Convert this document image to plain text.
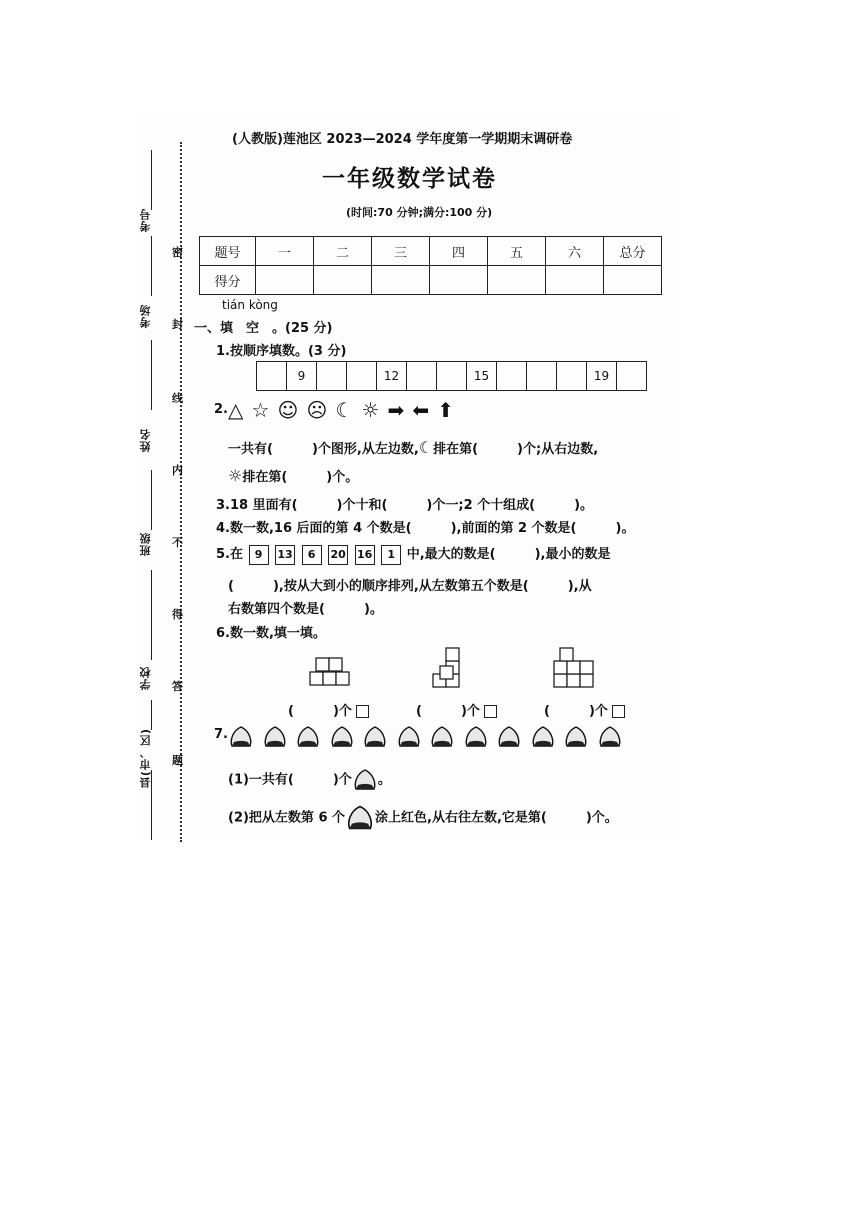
考号
考场
姓名
班级
学校
县(市、区)
密
封
线
内
不
得
答
题
(人教版)莲池区 2023—2024 学年度第一学期期末调研卷
一年级数学试卷
(时间:70 分钟;满分:100 分)
题号	一	二	三	四	五	六	总分
得分							
tián kòng
一、填　空　。(25 分)
1.按顺序填数。(3 分)
	9			12			15				19	
2. △ ☆ ☺ ☹ ☾ ☼ ➡ ⬅ ⬆
一共有(　　　)个图形,从左边数,☾排在第(　　　)个;从右边数,
☼排在第(　　　)个。
3.18 里面有(　　　)个十和(　　　)个一;2 个十组成(　　　)。
4.数一数,16 后面的第 4 个数是(　　　),前面的第 2 个数是(　　　)。
5.在 9 13 6 20 16 1 中,最大的数是(　　　),最小的数是
(　　　),按从大到小的顺序排列,从左数第五个数是(　　　),从
右数第四个数是(　　　)。
6.数一数,填一填。
(　　　)个	(　　　)个	(　　　)个
7.
(1)一共有(　　　)个 。
(2)把从左数第 6 个 涂上红色,从右往左数,它是第(　　　)个。
